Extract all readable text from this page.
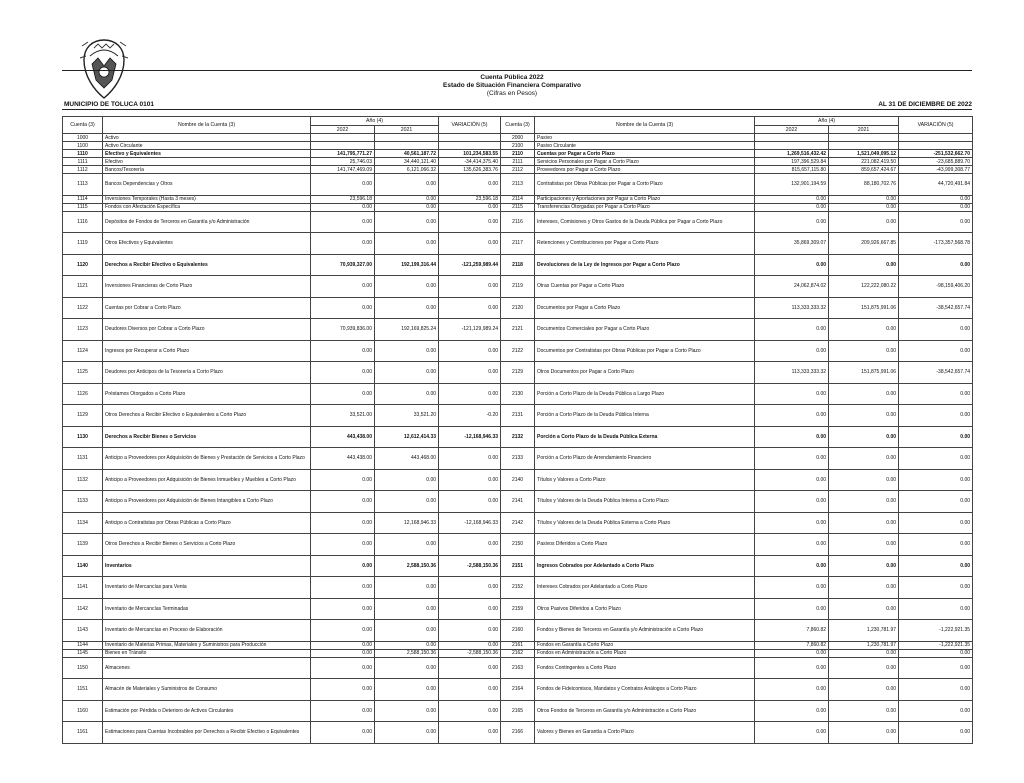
Cuenta Pública 2022
Estado de Situación Financiera Comparativo
(Cifras en Pesos)
MUNICIPIO DE TOLUCA 0101	AL 31 DE DICIEMBRE DE 2022
Cuenta (3)	Nombre de la Cuenta (3)	Año (4)		VARIACIÓN (5)	Cuenta (3)	Nombre de la Cuenta (3)	Año (4)		VARIACIÓN (5)
		2022	2021				2022	2021	
1000	Activo				2000	Pasivo			
1100	Activo Circulante				2100	Pasivo Circulante			
1110	Efectivo y Equivalentes	141,795,771.27	40,561,187.72	101,234,583.55	2110	Cuentas por Pagar a Corto Plazo	1,269,516,432.42	1,521,049,095.12	-251,532,662.70
1111	Efectivo	25,746.03	34,440,121.40	-34,414,375.40	2111	Servicios Personales por Pagar a Corto Plazo	197,396,529.84	221,082,419.50	-23,685,889.70
1112	Bancos/Tesorería	141,747,469.09	6,121,066.32	135,626,383.76	2112	Proveedores por Pagar a Corto Plazo	815,657,115.80	859,657,424.67	-43,999,308.77
1113	Bancos Dependencias y Otros	0.00	0.00	0.00	2113	Contratistas por Obras Públicas por Pagar a Corto Plazo	132,901,194.59	88,180,702.76	44,720,491.84
1114	Inversiones Temporales (Hasta 3 meses)	23,596.18	0.00	23,596.18	2114	Participaciones y Aportaciones por Pagar a Corto Plazo	0.00	0.00	0.00
1115	Fondos con Afectación Específica	0.00	0.00	0.00	2115	Transferencias Otorgadas por Pagar a Corto Plazo	0.00	0.00	0.00
1116	Depósitos de Fondos de Terceros en Garantía y/o Administración	0.00	0.00	0.00	2116	Intereses, Comisiones y Otros Gastos de la Deuda Pública por Pagar a Corto Plazo	0.00	0.00	0.00
1119	Otros Efectivos y Equivalentes	0.00	0.00	0.00	2117	Retenciones y Contribuciones por Pagar a Corto Plazo	35,869,309.07	209,926,667.85	-173,357,568.78
1120	Derechos a Recibir Efectivo o Equivalentes	70,939,327.00	192,199,316.44	-121,259,989.44	2118	Devoluciones de la Ley de Ingresos por Pagar a Corto Plazo	0.00	0.00	0.00
1121	Inversiones Financieras de Corto Plazo	0.00	0.00	0.00	2119	Otras Cuentas por Pagar a Corto Plazo	24,062,874.02	122,222,080.22	-98,159,406.20
1122	Cuentas por Cobrar a Corto Plazo	0.00	0.00	0.00	2120	Documentos por Pagar a Corto Plazo	113,333,333.32	151,875,991.06	-38,542,657.74
1123	Deudores Diversos por Cobrar a Corto Plazo	70,939,836.00	192,169,825.24	-121,129,989.24	2121	Documentos Comerciales por Pagar a Corto Plazo	0.00	0.00	0.00
1124	Ingresos por Recuperar a Corto Plazo	0.00	0.00	0.00	2122	Documentos por Contratistas por Obras Públicas por Pagar a Corto Plazo	0.00	0.00	0.00
1125	Deudores por Anticipos de la Tesorería a Corto Plazo	0.00	0.00	0.00	2129	Otros Documentos por Pagar a Corto Plazo	113,333,333.32	151,875,991.06	-38,542,657.74
1126	Préstamos Otorgados a Corto Plazo	0.00	0.00	0.00	2130	Porción a Corto Plazo de la Deuda Pública a Largo Plazo	0.00	0.00	0.00
1129	Otros Derechos a Recibir Efectivo o Equivalentes a Corto Plazo	33,521.00	33,521.20	-0.20	2131	Porción a Corto Plazo de la Deuda Pública Interna	0.00	0.00	0.00
1130	Derechos a Recibir Bienes o Servicios	443,438.00	12,612,414.33	-12,168,946.33	2132	Porción a Corto Plazo de la Deuda Pública Externa	0.00	0.00	0.00
1131	Anticipo a Proveedores por Adquisición de Bienes y Prestación de Servicios a Corto Plazo	443,438.00	443,468.00	0.00	2133	Porción a Corto Plazo de Arrendamiento Financiero	0.00	0.00	0.00
1132	Anticipo a Proveedores por Adquisición de Bienes Inmuebles y Muebles a Corto Plazo	0.00	0.00	0.00	2140	Títulos y Valores a Corto Plazo	0.00	0.00	0.00
1133	Anticipo a Proveedores por Adquisición de Bienes Intangibles a Corto Plazo	0.00	0.00	0.00	2141	Títulos y Valores de la Deuda Pública Interna a Corto Plazo	0.00	0.00	0.00
1134	Anticipo a Contratistas por Obras Públicas a Corto Plazo	0.00	12,168,946.33	-12,168,946.33	2142	Títulos y Valores de la Deuda Pública Externa a Corto Plazo	0.00	0.00	0.00
1139	Otros Derechos a Recibir Bienes o Servicios a Corto Plazo	0.00	0.00	0.00	2150	Pasivos Diferidos a Corto Plazo	0.00	0.00	0.00
1140	Inventarios	0.00	2,588,150.36	-2,588,150.36	2151	Ingresos Cobrados por Adelantado a Corto Plazo	0.00	0.00	0.00
1141	Inventario de Mercancías para Venta	0.00	0.00	0.00	2152	Intereses Cobrados por Adelantado a Corto Plazo	0.00	0.00	0.00
1142	Inventario de Mercancías Terminadas	0.00	0.00	0.00	2159	Otros Pasivos Diferidos a Corto Plazo	0.00	0.00	0.00
1143	Inventario de Mercancías en Proceso de Elaboración	0.00	0.00	0.00	2160	Fondos y Bienes de Terceros en Garantía y/o Administración a Corto Plazo	7,860.82	1,230,781.97	-1,222,921.35
1144	Inventario de Materias Primas, Materiales y Suministros para Producción	0.00	0.00	0.00	2161	Fondos en Garantía a Corto Plazo	7,860.82	1,230,781.97	-1,222,921.35
1145	Bienes en Tránsito	0.00	2,588,150.36	-2,588,150.36	2162	Fondos en Administración a Corto Plazo	0.00	0.00	0.00
1150	Almacenes	0.00	0.00	0.00	2163	Fondos Contingentes a Corto Plazo	0.00	0.00	0.00
1151	Almacén de Materiales y Suministros de Consumo	0.00	0.00	0.00	2164	Fondos de Fideicomisos, Mandatos y Contratos Análogos a Corto Plazo	0.00	0.00	0.00
1160	Estimación por Pérdida o Deterioro de Activos Circulantes	0.00	0.00	0.00	2165	Otros Fondos de Terceros en Garantía y/o Administración a Corto Plazo	0.00	0.00	0.00
1161	Estimaciones para Cuentas Incobrables por Derechos a Recibir Efectivo o Equivalentes	0.00	0.00	0.00	2166	Valores y Bienes en Garantía a Corto Plazo	0.00	0.00	0.00
